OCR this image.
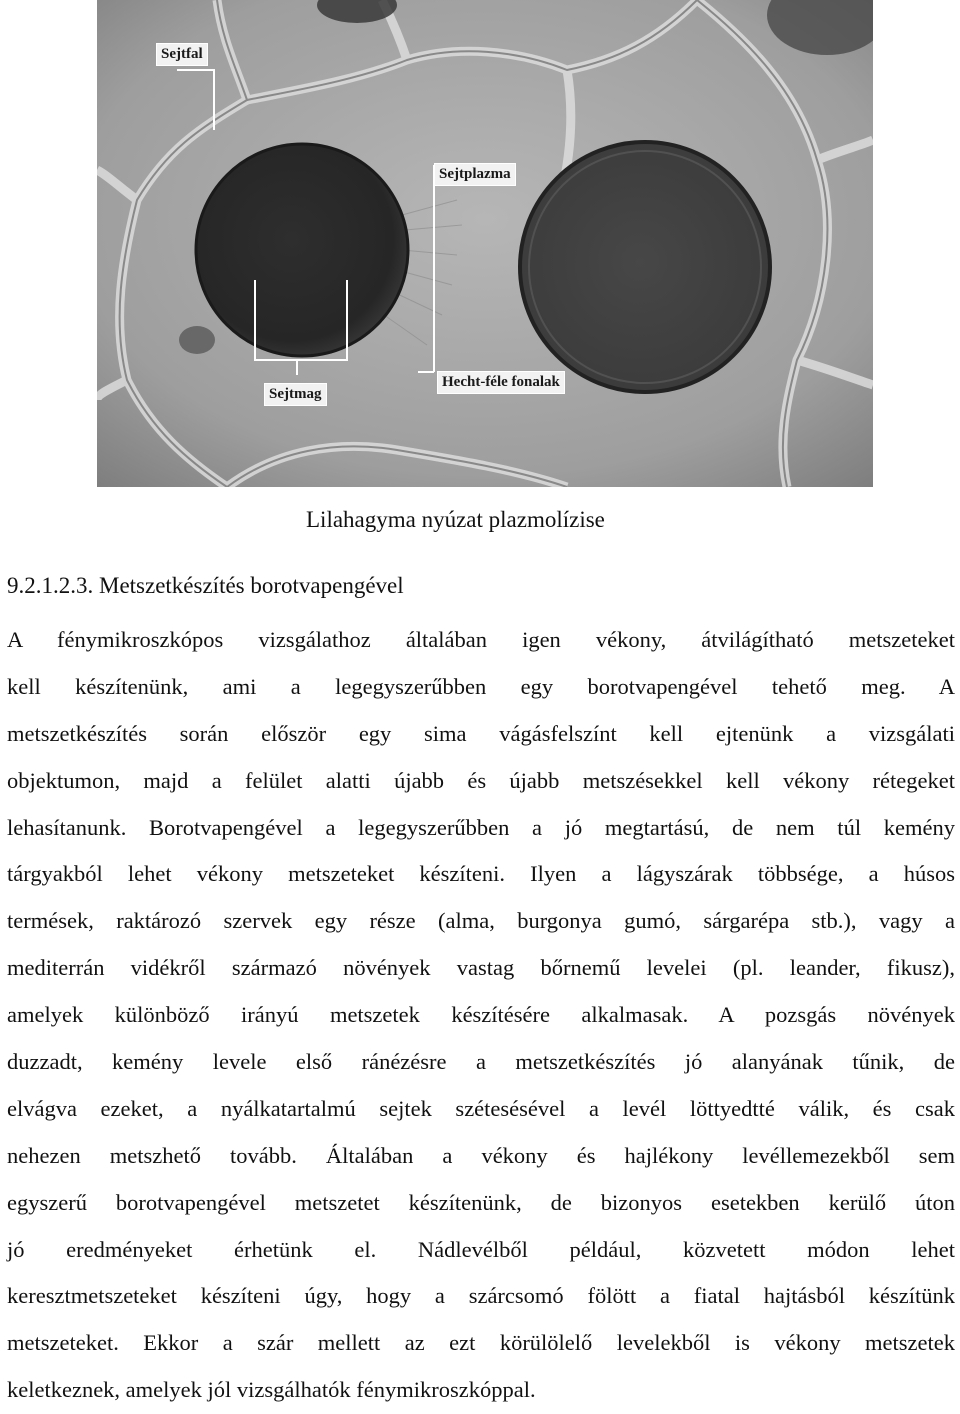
Sejtfal
Sejtplazma
Sejtmag
Hecht-féle fonalak
Lilahagyma nyúzat plazmolízise
9.2.1.2.3. Metszetkészítés borotvapengével
A fénymikroszkópos vizsgálathoz általában igen vékony, átvilágítható metszeteket
kell készítenünk, ami a legegyszerűbben egy borotvapengével tehető meg. A
metszetkészítés során először egy sima vágásfelszínt kell ejtenünk a vizsgálati
objektumon, majd a felület alatti újabb és újabb metszésekkel kell vékony rétegeket
lehasítanunk. Borotvapengével a legegyszerűbben a jó megtartású, de nem túl kemény
tárgyakból lehet vékony metszeteket készíteni. Ilyen a lágyszárak többsége, a húsos
termések, raktározó szervek egy része (alma, burgonya gumó, sárgarépa stb.), vagy a
mediterrán vidékről származó növények vastag bőrnemű levelei (pl. leander, fikusz),
amelyek különböző irányú metszetek készítésére alkalmasak. A pozsgás növények
duzzadt, kemény levele első ránézésre a metszetkészítés jó alanyának tűnik, de
elvágva ezeket, a nyálkatartalmú sejtek szétesésével a levél löttyedtté válik, és csak
nehezen metszhető tovább. Általában a vékony és hajlékony levéllemezekből sem
egyszerű borotvapengével metszetet készítenünk, de bizonyos esetekben kerülő úton
jó eredményeket érhetünk el. Nádlevélből például, közvetett módon lehet
keresztmetszeteket készíteni úgy, hogy a szárcsomó fölött a fiatal hajtásból készítünk
metszeteket. Ekkor a szár mellett az ezt körülölelő levelekből is vékony metszetek
keletkeznek, amelyek jól vizsgálhatók fénymikroszkóppal.
